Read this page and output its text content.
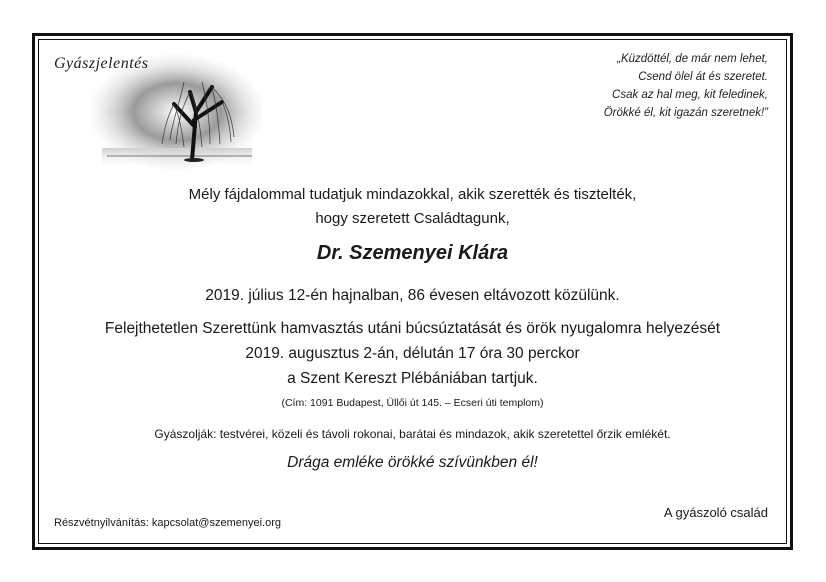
Gyászjelentés	„Küzdöttél, de már nem lehet,
Csend ölel át és szeretet.
Csak az hal meg, kit feledinek,
Örökké él, kit igazán szeretnek!”
Mély fájdalommal tudatjuk mindazokkal, akik szerették és tisztelték,
hogy szeretett Családtagunk,
Dr. Szemenyei Klára
2019. július 12-én hajnalban, 86 évesen eltávozott közülünk.
Felejthetetlen Szerettünk hamvasztás utáni búcsúztatását és örök nyugalomra helyezését
2019. augusztus 2-án, délután 17 óra 30 perckor
a Szent Kereszt Plébániában tartjuk.
(Cím: 1091 Budapest, Üllői út 145. – Ecseri úti templom)
Gyászolják: testvérei, közeli és távoli rokonai, barátai és mindazok, akik szeretettel őrzik emlékét.
Drága emléke örökké szívünkben él!
A gyászoló család
Részvétnyilvánítás: kapcsolat@szemenyei.org
